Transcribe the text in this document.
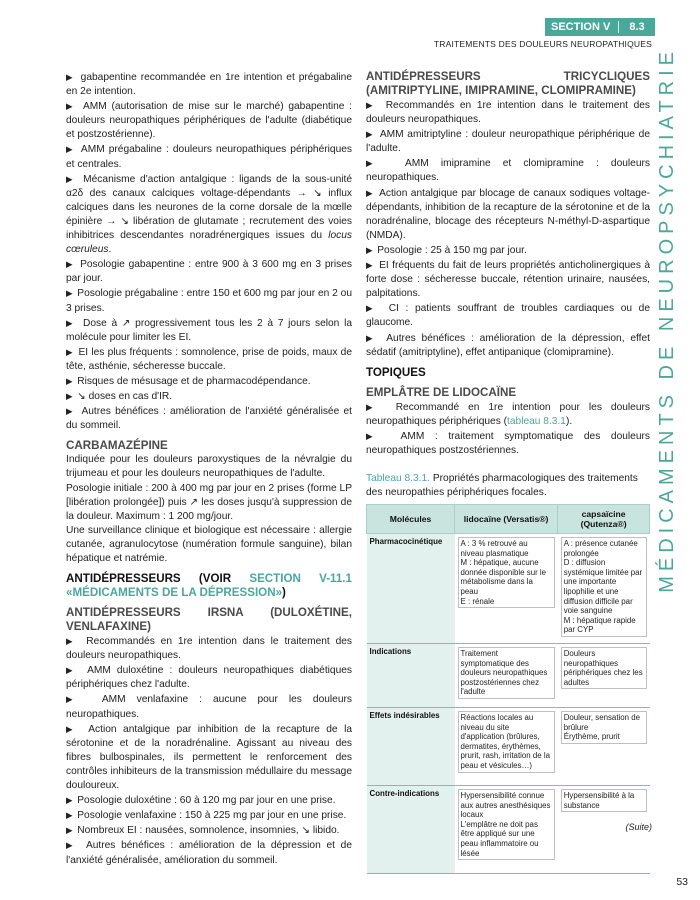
SECTION V	8.3
TRAITEMENTS DES DOULEURS NEUROPATHIQUES
MÉDICAMENTS DE NEUROPSYCHIATRIE

▶  gabapentine recommandée en 1re intention et prégabaline en 2e intention.

▶  AMM (autorisation de mise sur le marché) gabapentine : douleurs neuropathiques périphériques de l'adulte (diabétique et postzostérienne).

▶  AMM prégabaline : douleurs neuropathiques périphériques et centrales.

▶  Mécanisme d'action antalgique : ligands de la sous-unité α2δ des canaux calciques voltage-dépendants → ↘ influx calciques dans les neurones de la corne dorsale de la mœlle épinière → ↘ libération de glutamate ; recrutement des voies inhibitrices descendantes noradrénergiques issues du locus cœruleus.

▶  Posologie gabapentine : entre 900 à 3 600 mg en 3 prises par jour.

▶  Posologie prégabaline : entre 150 et 600 mg par jour en 2 ou 3 prises.

▶  Dose à ↗ progressivement tous les 2 à 7 jours selon la molécule pour limiter les EI.

▶  EI les plus fréquents : somnolence, prise de poids, maux de tête, asthénie, sécheresse buccale.

▶  Risques de mésusage et de pharmacodépendance.

▶  ↘ doses en cas d'IR.

▶  Autres bénéfices : amélioration de l'anxiété généralisée et du sommeil.

CARBAMAZÉPINE

Indiquée pour les douleurs paroxystiques de la névralgie du trijumeau et pour les douleurs neuropathiques de l'adulte.

Posologie initiale : 200 à 400 mg par jour en 2 prises (forme LP [libération prolongée]) puis ↗ les doses jusqu'à suppression de la douleur. Maximum : 1 200 mg/jour.

Une surveillance clinique et biologique est nécessaire : allergie cutanée, agranulocytose (numération formule sanguine), bilan hépatique et natrémie.

ANTIDÉPRESSEURS (VOIR SECTION V-11.1 «MÉDICAMENTS DE LA DÉPRESSION»)

ANTIDÉPRESSEURS IRSNA (DULOXÉTINE, VENLAFAXINE)

▶  Recommandés en 1re intention dans le traitement des douleurs neuropathiques.

▶  AMM duloxétine : douleurs neuropathiques diabétiques périphériques chez l'adulte.

▶  AMM venlafaxine : aucune pour les douleurs neuropathiques.

▶  Action antalgique par inhibition de la recapture de la sérotonine et de la noradrénaline. Agissant au niveau des fibres bulbospinales, ils permettent le renforcement des contrôles inhibiteurs de la transmission médullaire du message douloureux.

▶  Posologie duloxétine : 60 à 120 mg par jour en une prise.

▶  Posologie venlafaxine : 150 à 225 mg par jour en une prise.

▶  Nombreux EI : nausées, somnolence, insomnies, ↘ libido.

▶  Autres bénéfices : amélioration de la dépression et de l'anxiété généralisée, amélioration du sommeil.

ANTIDÉPRESSEURS TRICYCLIQUES (AMITRIPTYLINE, IMIPRAMINE, CLOMIPRAMINE)

▶  Recommandés en 1re intention dans le traitement des douleurs neuropathiques.

▶  AMM amitriptyline : douleur neuropathique périphérique de l'adulte.

▶  AMM imipramine et clomipramine : douleurs neuropathiques.

▶  Action antalgique par blocage de canaux sodiques voltage-dépendants, inhibition de la recapture de la sérotonine et de la noradrénaline, blocage des récepteurs N-méthyl-D-aspartique (NMDA).

▶  Posologie : 25 à 150 mg par jour.

▶  EI fréquents du fait de leurs propriétés anticholinergiques à forte dose : sécheresse buccale, rétention urinaire, nausées, palpitations.

▶  CI : patients souffrant de troubles cardiaques ou de glaucome.

▶  Autres bénéfices : amélioration de la dépression, effet sédatif (amitriptyline), effet antipanique (clomipramine).

TOPIQUES

EMPLÂTRE DE LIDOCAÏNE

▶  Recommandé en 1re intention pour les douleurs neuropathiques périphériques (tableau 8.3.1).

▶  AMM : traitement symptomatique des douleurs neuropathiques postzostériennes.

Tableau 8.3.1. Propriétés pharmacologiques des traitements des neuropathies périphériques focales.
Molécules	lidocaïne (Versatis®)	capsaïcine (Qutenza®)
Pharmacocinétique	A : 3 % retrouvé au niveau plasmatique
M : hépatique, aucune donnée disponible sur le métabolisme dans la peau
E : rénale	A : présence cutanée prolongée
D : diffusion systémique limitée par une importante lipophilie et une diffusion difficile par voie sanguine
M : hépatique rapide par CYP

Indications	Traitement symptomatique des douleurs neuropathiques postzostériennes chez l'adulte	Douleurs neuropathiques périphériques chez les adultes

Effets indésirables	Réactions locales au niveau du site d'application (brûlures, dermatites, érythèmes, prurit, rash, irritation de la peau et vésicules…)	Douleur, sensation de brûlure
Érythème, prurit

Contre-indications	Hypersensibilité connue aux autres anesthésiques locaux
L'emplâtre ne doit pas être appliqué sur une peau inflammatoire ou lésée	Hypersensibilité à la substance
(Suite)
53
